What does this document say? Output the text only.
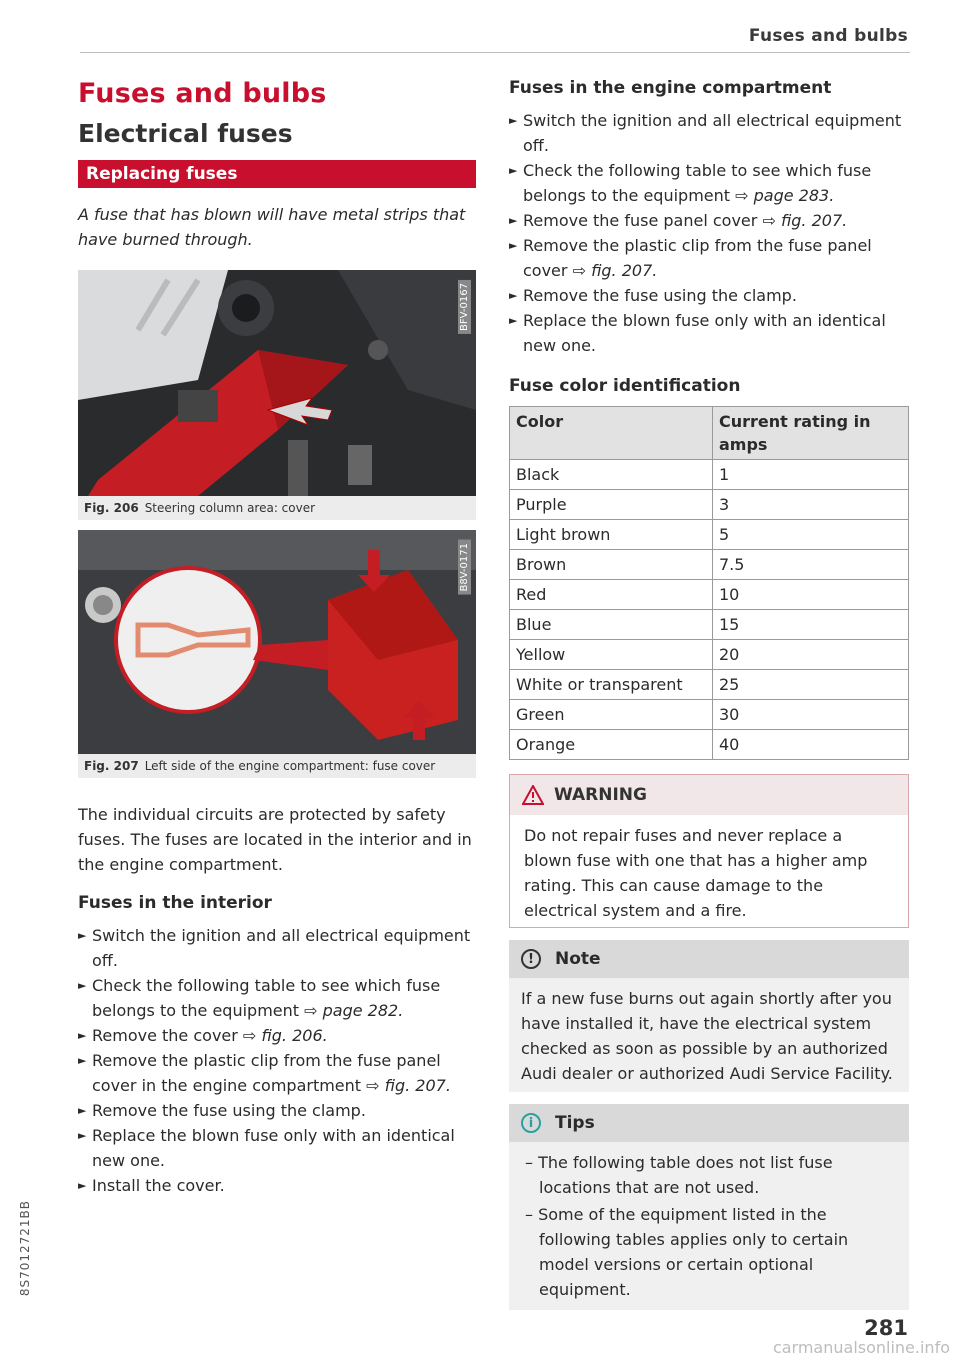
Fuses and bulbs
Fuses and bulbs
Electrical fuses
Replacing fuses

A fuse that has blown will have metal strips that have burned through.

BFV-0167
Fig. 206 Steering column area: cover
B8V-0171
Fig. 207 Left side of the engine compartment: fuse cover

The individual circuits are protected by safety fuses. The fuses are located in the interior and in the engine compartment.

Fuses in the interior
► Switch the ignition and all electrical equipment off.
► Check the following table to see which fuse belongs to the equipment ⇨ page 282.
► Remove the cover ⇨ fig. 206.
► Remove the plastic clip from the fuse panel cover in the engine compartment ⇨ fig. 207.
► Remove the fuse using the clamp.
► Replace the blown fuse only with an identical new one.
► Install the cover.
Fuses in the engine compartment
► Switch the ignition and all electrical equipment off.
► Check the following table to see which fuse belongs to the equipment ⇨ page 283.
► Remove the fuse panel cover ⇨ fig. 207.
► Remove the plastic clip from the fuse panel cover ⇨ fig. 207.
► Remove the fuse using the clamp.
► Replace the blown fuse only with an identical new one.
Fuse color identification
Color	Current rating in amps
Black	1
Purple	3
Light brown	5
Brown	7.5
Red	10
Blue	15
Yellow	20
White or transparent	25
Green	30
Orange	40
WARNING
Do not repair fuses and never replace a blown fuse with one that has a higher amp rating. This can cause damage to the electrical system and a fire.
!	Note
If a new fuse burns out again shortly after you have installed it, have the electrical system checked as soon as possible by an authorized Audi dealer or authorized Audi Service Facility.
i	Tips

– The following table does not list fuse locations that are not used.

– Some of the equipment listed in the following tables applies only to certain model versions or certain optional equipment.

8S7012721BB
281
carmanualsonline.info
